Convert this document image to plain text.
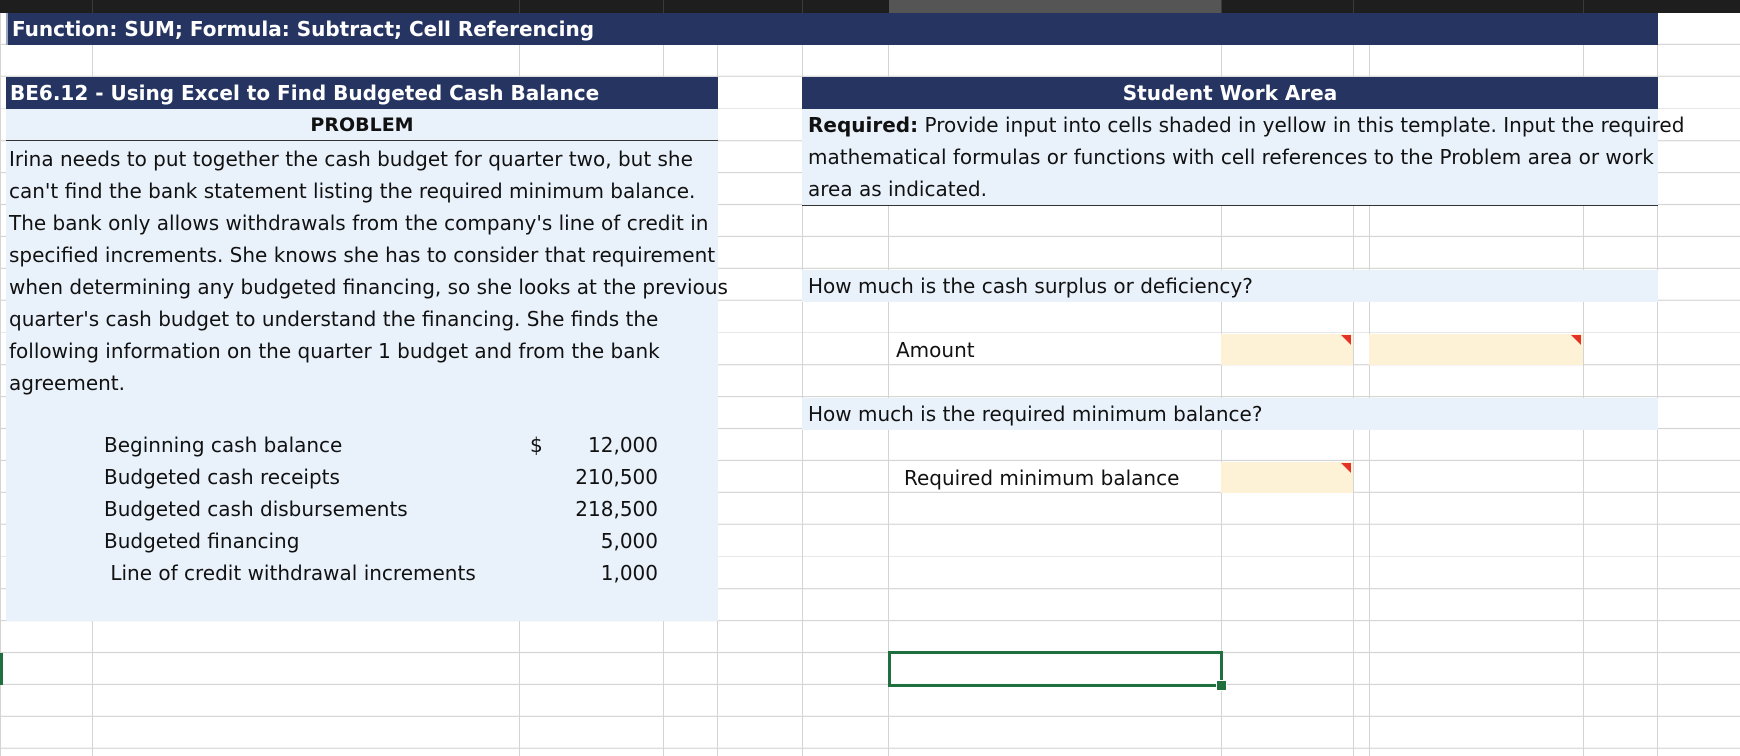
Function: SUM; Formula: Subtract; Cell Referencing
BE6.12 - Using Excel to Find Budgeted Cash Balance
PROBLEM
Irina needs to put together the cash budget for quarter two, but she
can't find the bank statement listing the required minimum balance.
The bank only allows withdrawals from the company's line of credit in
specified increments. She knows she has to consider that requirement
when determining any budgeted financing, so she looks at the previous
quarter's cash budget to understand the financing. She finds the
following information on the quarter 1 budget and from the bank
agreement.
Beginning cash balance	$ 12,000
Budgeted cash receipts	210,500
Budgeted cash disbursements	218,500
Budgeted financing	5,000
Line of credit withdrawal increments	1,000
Student Work Area
Required: Provide input into cells shaded in yellow in this template. Input the required
mathematical formulas or functions with cell references to the Problem area or work
area as indicated.
How much is the cash surplus or deficiency?
Amount
How much is the required minimum balance?
Required minimum balance
